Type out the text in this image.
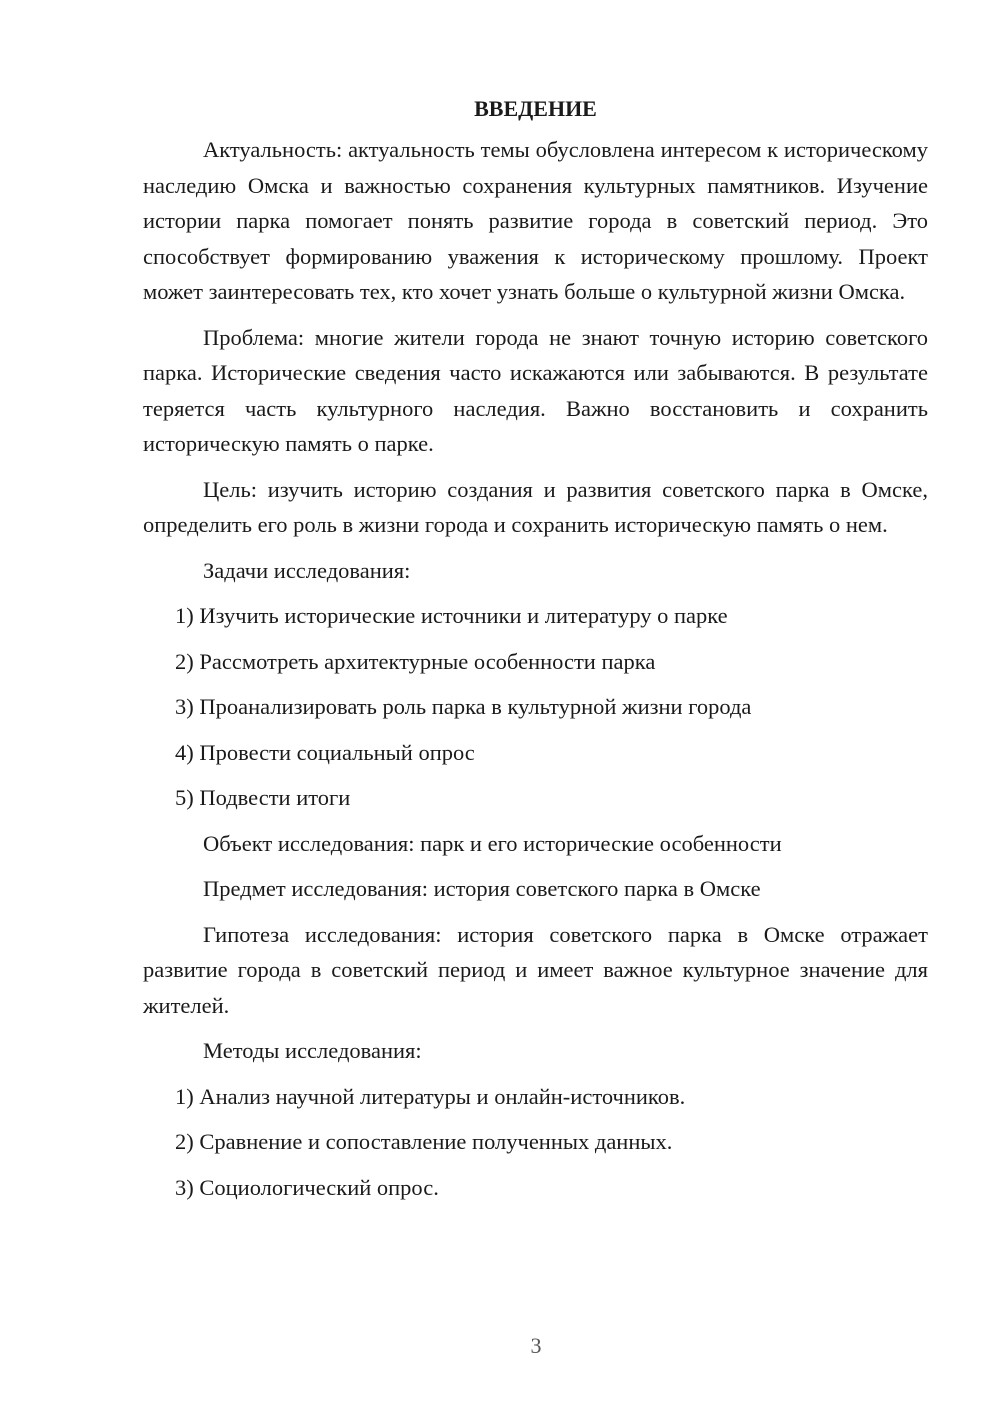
ВВЕДЕНИЕ

Актуальность: актуальность темы обусловлена интересом к историческому наследию Омска и важностью сохранения культурных памятников. Изучение истории парка помогает понять развитие города в советский период. Это способствует формированию уважения к историческому прошлому. Проект может заинтересовать тех, кто хочет узнать больше о культурной жизни Омска.

Проблема: многие жители города не знают точную историю советского парка. Исторические сведения часто искажаются или забываются. В результате теряется часть культурного наследия. Важно восстановить и сохранить историческую память о парке.

Цель: изучить историю создания и развития советского парка в Омске, определить его роль в жизни города и сохранить историческую память о нем.

Задачи исследования:

1) Изучить исторические источники и литературу о парке

2) Рассмотреть архитектурные особенности парка

3) Проанализировать роль парка в культурной жизни города

4) Провести социальный опрос

5) Подвести итоги

Объект исследования: парк и его исторические особенности

Предмет исследования: история советского парка в Омске

Гипотеза исследования: история советского парка в Омске отражает развитие города в советский период и имеет важное культурное значение для жителей.

Методы исследования:

1) Анализ научной литературы и онлайн-источников.

2) Сравнение и сопоставление полученных данных.

3) Социологический опрос.

3
